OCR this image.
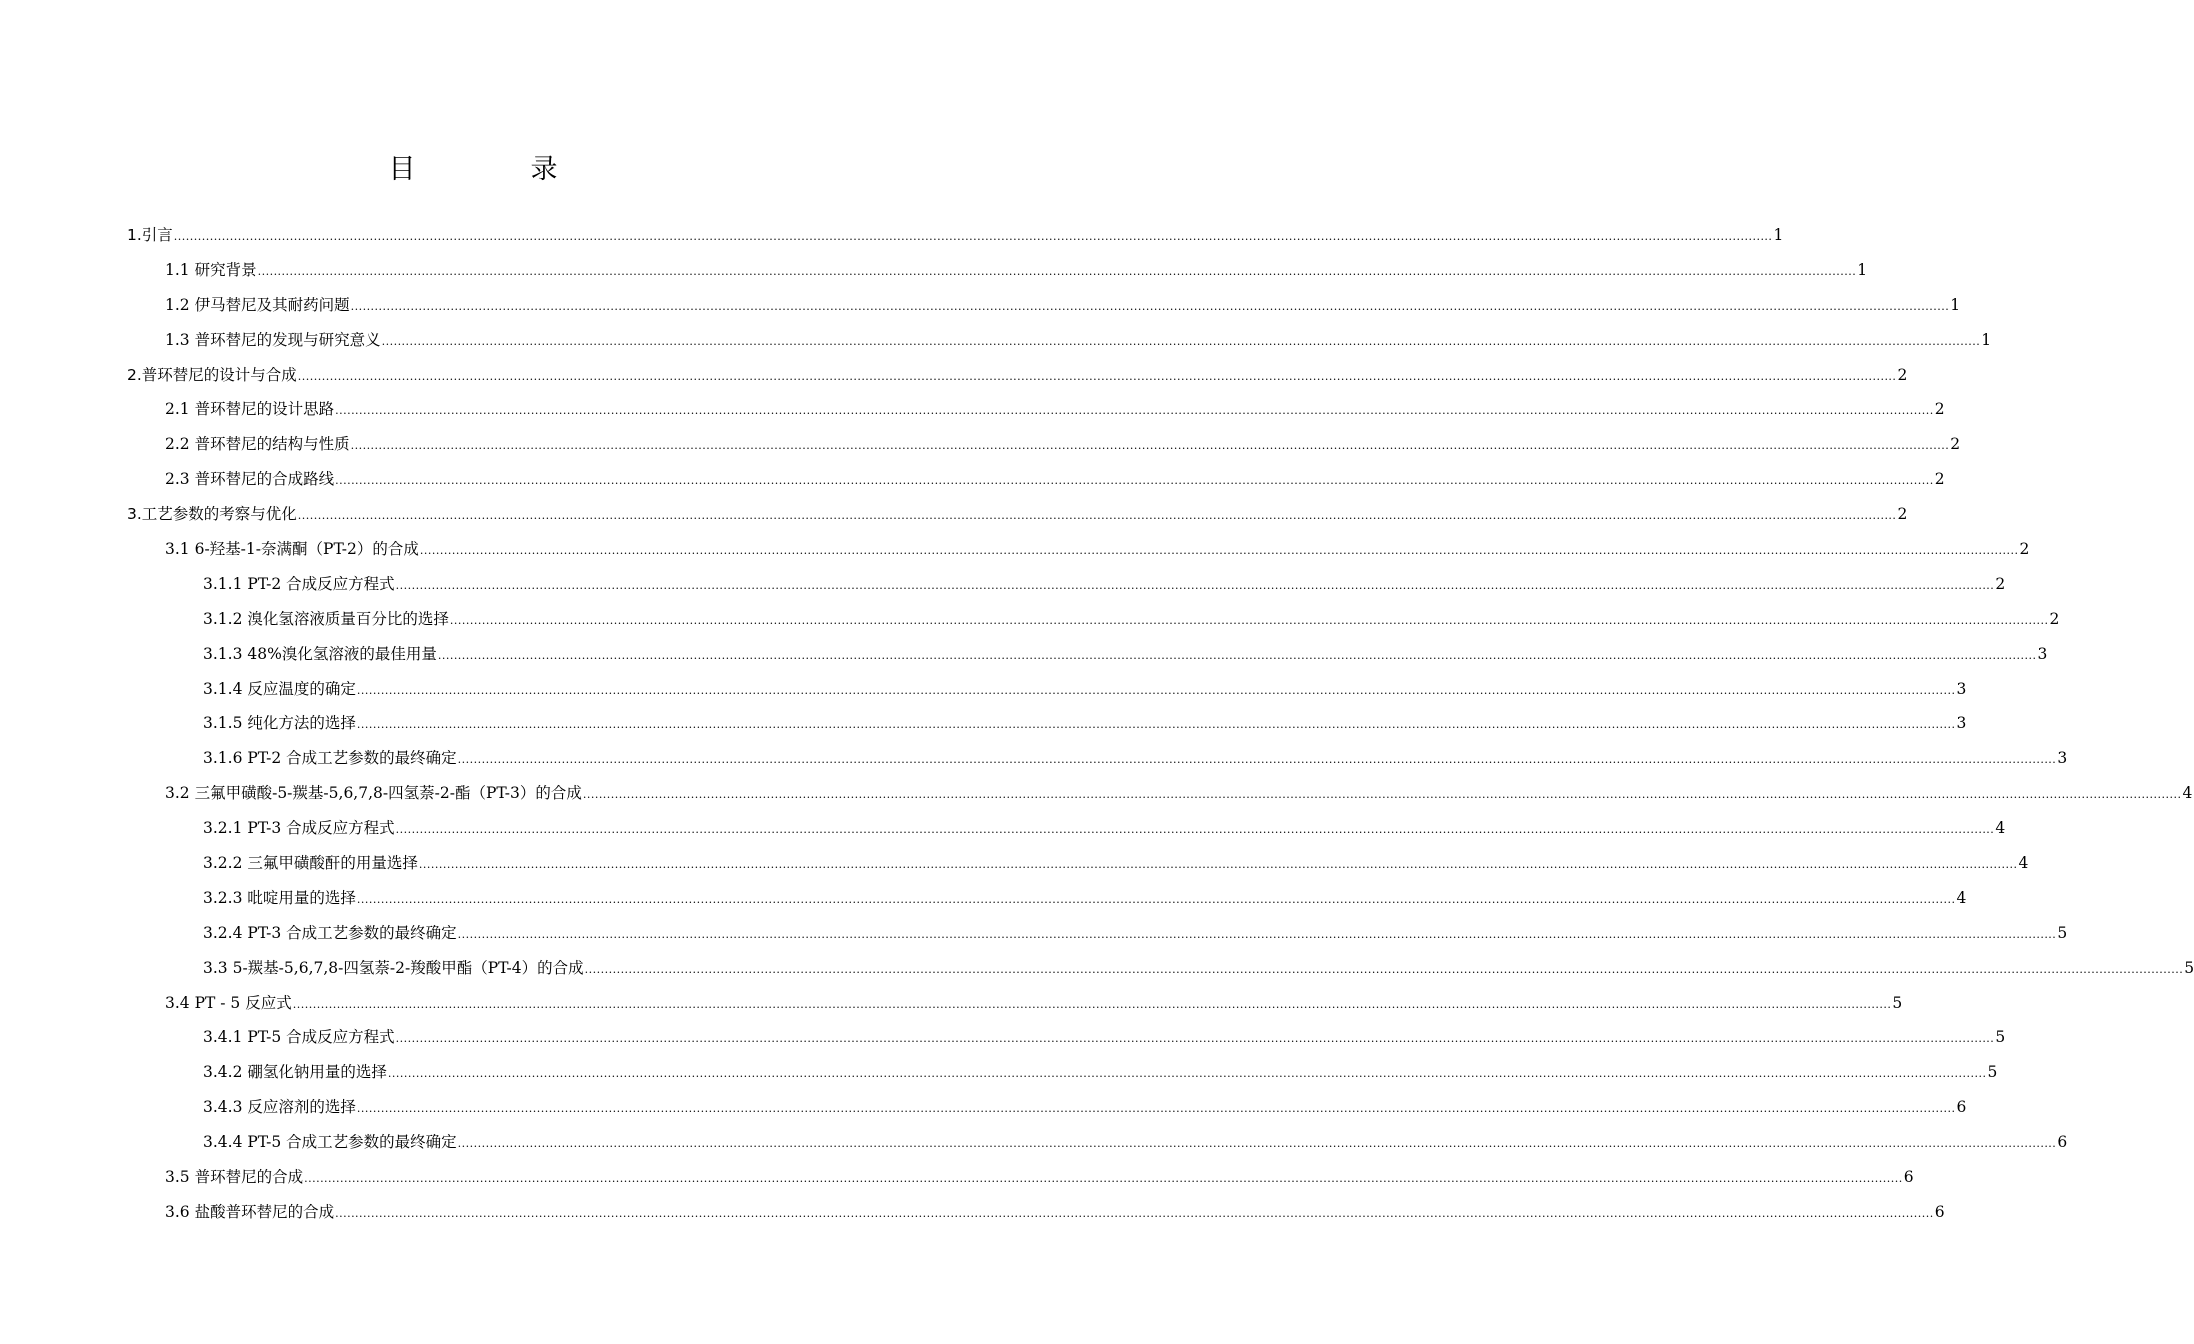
目　录
1.引言 ................................................................................................................................................................................................................................................................................................................................................................................................................ 1
1.1 研究背景 ................................................................................................................................................................................................................................................................................................................................................................................................................ 1
1.2 伊马替尼及其耐药问题 ................................................................................................................................................................................................................................................................................................................................................................................................................ 1
1.3 普环替尼的发现与研究意义 ................................................................................................................................................................................................................................................................................................................................................................................................................ 1
2.普环替尼的设计与合成 ................................................................................................................................................................................................................................................................................................................................................................................................................ 2
2.1 普环替尼的设计思路 ................................................................................................................................................................................................................................................................................................................................................................................................................ 2
2.2 普环替尼的结构与性质 ................................................................................................................................................................................................................................................................................................................................................................................................................ 2
2.3 普环替尼的合成路线 ................................................................................................................................................................................................................................................................................................................................................................................................................ 2
3.工艺参数的考察与优化 ................................................................................................................................................................................................................................................................................................................................................................................................................ 2
3.1 6-羟基-1-奈满酮（PT-2）的合成 ................................................................................................................................................................................................................................................................................................................................................................................................................ 2
3.1.1 PT-2 合成反应方程式 ................................................................................................................................................................................................................................................................................................................................................................................................................ 2
3.1.2 溴化氢溶液质量百分比的选择 ................................................................................................................................................................................................................................................................................................................................................................................................................ 2
3.1.3 48%溴化氢溶液的最佳用量 ................................................................................................................................................................................................................................................................................................................................................................................................................ 3
3.1.4 反应温度的确定 ................................................................................................................................................................................................................................................................................................................................................................................................................ 3
3.1.5 纯化方法的选择 ................................................................................................................................................................................................................................................................................................................................................................................................................ 3
3.1.6 PT-2 合成工艺参数的最终确定 ................................................................................................................................................................................................................................................................................................................................................................................................................ 3
3.2 三氟甲磺酸-5-羰基-5,6,7,8-四氢萘-2-酯（PT-3）的合成 ................................................................................................................................................................................................................................................................................................................................................................................................................ 4
3.2.1 PT-3 合成反应方程式 ................................................................................................................................................................................................................................................................................................................................................................................................................ 4
3.2.2 三氟甲磺酸酐的用量选择 ................................................................................................................................................................................................................................................................................................................................................................................................................ 4
3.2.3 吡啶用量的选择 ................................................................................................................................................................................................................................................................................................................................................................................................................ 4
3.2.4 PT-3 合成工艺参数的最终确定 ................................................................................................................................................................................................................................................................................................................................................................................................................ 5
3.3 5-羰基-5,6,7,8-四氢萘-2-羧酸甲酯（PT-4）的合成 ................................................................................................................................................................................................................................................................................................................................................................................................................ 5
3.4 PT - 5 反应式 ................................................................................................................................................................................................................................................................................................................................................................................................................ 5
3.4.1 PT-5 合成反应方程式 ................................................................................................................................................................................................................................................................................................................................................................................................................ 5
3.4.2 硼氢化钠用量的选择 ................................................................................................................................................................................................................................................................................................................................................................................................................ 5
3.4.3 反应溶剂的选择 ................................................................................................................................................................................................................................................................................................................................................................................................................ 6
3.4.4 PT-5 合成工艺参数的最终确定 ................................................................................................................................................................................................................................................................................................................................................................................................................ 6
3.5 普环替尼的合成 ................................................................................................................................................................................................................................................................................................................................................................................................................ 6
3.6 盐酸普环替尼的合成 ................................................................................................................................................................................................................................................................................................................................................................................................................ 6
